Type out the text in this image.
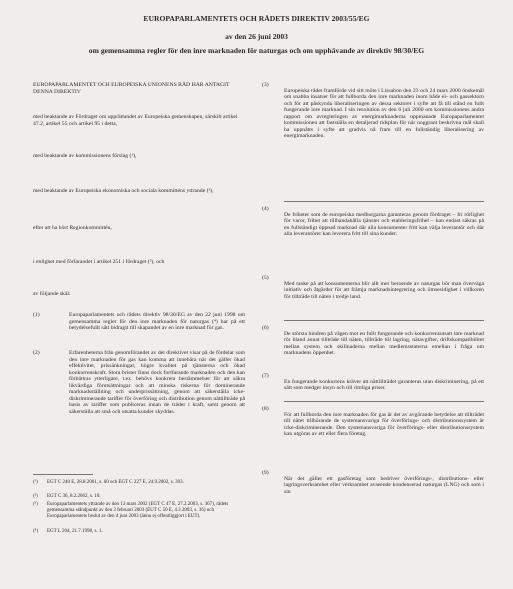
EUROPAPARLAMENTETS OCH RÅDETS DIREKTIV 2003/55/EG

av den 26 juni 2003

om gemensamma regler för den inre marknaden för naturgas och om upphävande av direktiv 98/30/EG

EUROPAPARLAMENTET OCH EUROPEISKA UNIONENS RÅD HAR ANTAGIT DENNA DIREKTIV

med beaktande av Fördraget om upprättandet av Europeiska gemenskapen, särskilt artikel 47.2, artikel 55 och artikel 95 i detta,

med beaktande av kommissionens förslag (¹),

med beaktande av Europeiska ekonomiska och sociala kommitténs yttrande (²),

efter att ha hört Regionkommittén,

i enlighet med förfarandet i artikel 251 i fördraget (³), och

av följande skäl:

(1)	Europaparlamentets och rådets direktiv 98/30/EG av den 22 juni 1998 om gemensamma regler för den inre marknaden för naturgas (⁴) har på ett betydelsefullt sätt bidragit till skapandet av en inre marknad för gas.

(2)	Erfarenheterna från genomförandet av det direktivet visar på de fördelar som den inre marknaden för gas kan komma att innebära när det gäller ökad effektivitet, prissänkningar, högre kvalitet på tjänsterna och ökad konkurrenskraft. Stora brister finns dock fortfarande marknaden och den kan förbättras ytterligare, t.ex. behövs konkreta bestämmelser för att säkra likvärdiga förutsättningar och att minska riskerna för dominerande marknadsställning och underprissättning, genom att säkerställa icke-diskriminerande tariffer för överföring och distribution genom nättillträde på basis av tariffer som publiceras innan de träder i kraft, samt genom att säkerställa att små och utsatta kunder skyddas.

(¹) EGT C 240 E, 28.8.2001, s. 60 och EGT C 227 E, 24.9.2002, s. 393.
(²) EGT C 36, 8.2.2002, s. 10.
(³) Europaparlamentets yttrande av den 13 mars 2002 (EGT C 47 E, 27.2.2003, s. 367), rådets gemensamma ståndpunkt av den 3 februari 2003 (EUT C 50 E, 4.3.2003, s. 36) och Europaparlamentets beslut av den 4 juni 2003 (ännu ej offentliggjort i EUT).
(⁴) EGT L 204, 21.7.1998, s. 1.
(3)

Europeiska rådet framförde vid sitt möte i Lissabon den 23 och 24 mars 2000 önskemål om snabba insatser för att fullborda den inre marknaden inom både el- och gassektorn och för att påskynda liberaliseringen av dessa sektorer i syfte att få till stånd en fullt fungerande inre marknad. I sin resolution av den 6 juli 2000 om kommissionens andra rapport om avregleringen av energimarknaderna uppmanade Europaparlamentet kommissionen att fastställa en detaljerad tidsplan för när noggrant beskrivna mål skall ha uppnåtts i syfte att gradvis nå fram till en fullständig liberalisering av energimarknaden.

(4)

De friheter som de europeiska medborgarna garanteras genom fördraget – fri rörlighet för varor, frihet att tillhandahålla tjänster och etableringsfrihet – kan endast säkras på en fullständigt öppnad marknad där alla konsumenter fritt kan välja leverantör och där alla leverantörer kan leverera fritt till sina kunder.

(5)

Med tanke på att konsumenterna blir allt mer beroende av naturgas bör man överväga initiativ och åtgärder för att främja marknadsintegrering och ömsesidighet i villkoren för tillträde till näten i tredje land.

(6)

De största hindren på vägen mot en fullt fungerande och konkurrensutsatt inre marknad rör bland annat tillträde till näten, tillträde till lagring, nätavgifter, driftskompatibilitet mellan system och skillnaderna mellan medlemsstaterna emellan i fråga om marknadens öppenhet.

(7)

En fungerande konkurrens kräver att nättillträdet garanteras utan diskriminering, på ett sätt som medger insyn och till rimliga priser.

(8)

För att fullborda den inre marknaden för gas är det av avgörande betydelse att tillträdet till nätet tillhörande de systemansvariga för överförings- och distributionssystem är icke-diskriminerande. Den systemansvariga för överförings- eller distributionssystem kan utgöras av ett eller flera företag.

(9)

När det gäller ett gasföretag som bedriver överförings-, distributions- eller lagringsverksamhet eller verksamhet avseende kondenserad naturgas (LNG) och som i sin
